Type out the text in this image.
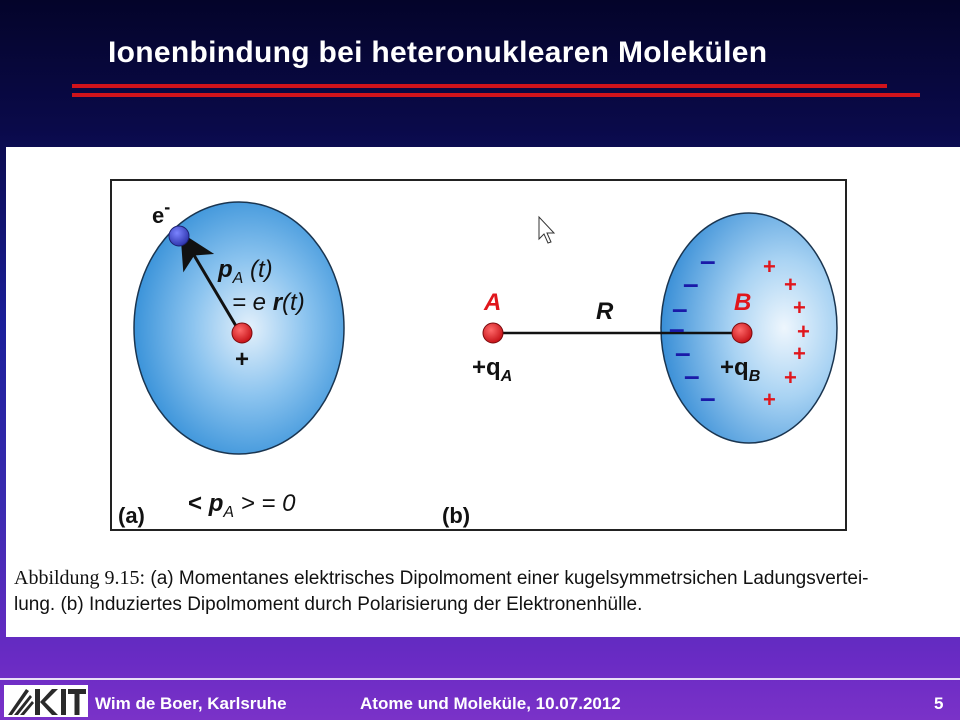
Ionenbindung bei heteronuklearen Molekülen
e-
$p_A$ (t)
= e r(t)
+
$(a) < p_A$ > = 0
A	B
R
$+q_A$	$+q_B$
–
–
–
–
–
–
–
+
+
+
+
+
+
+
(b)
Abbildung 9.15: (a) Momentanes elektrisches Dipolmoment einer kugelsymmetrsichen Ladungsvertei-
lung. (b) Induziertes Dipolmoment durch Polarisierung der Elektronenhülle.
Wim de Boer, Karlsruhe	Atome und Moleküle, 10.07.2012	5
